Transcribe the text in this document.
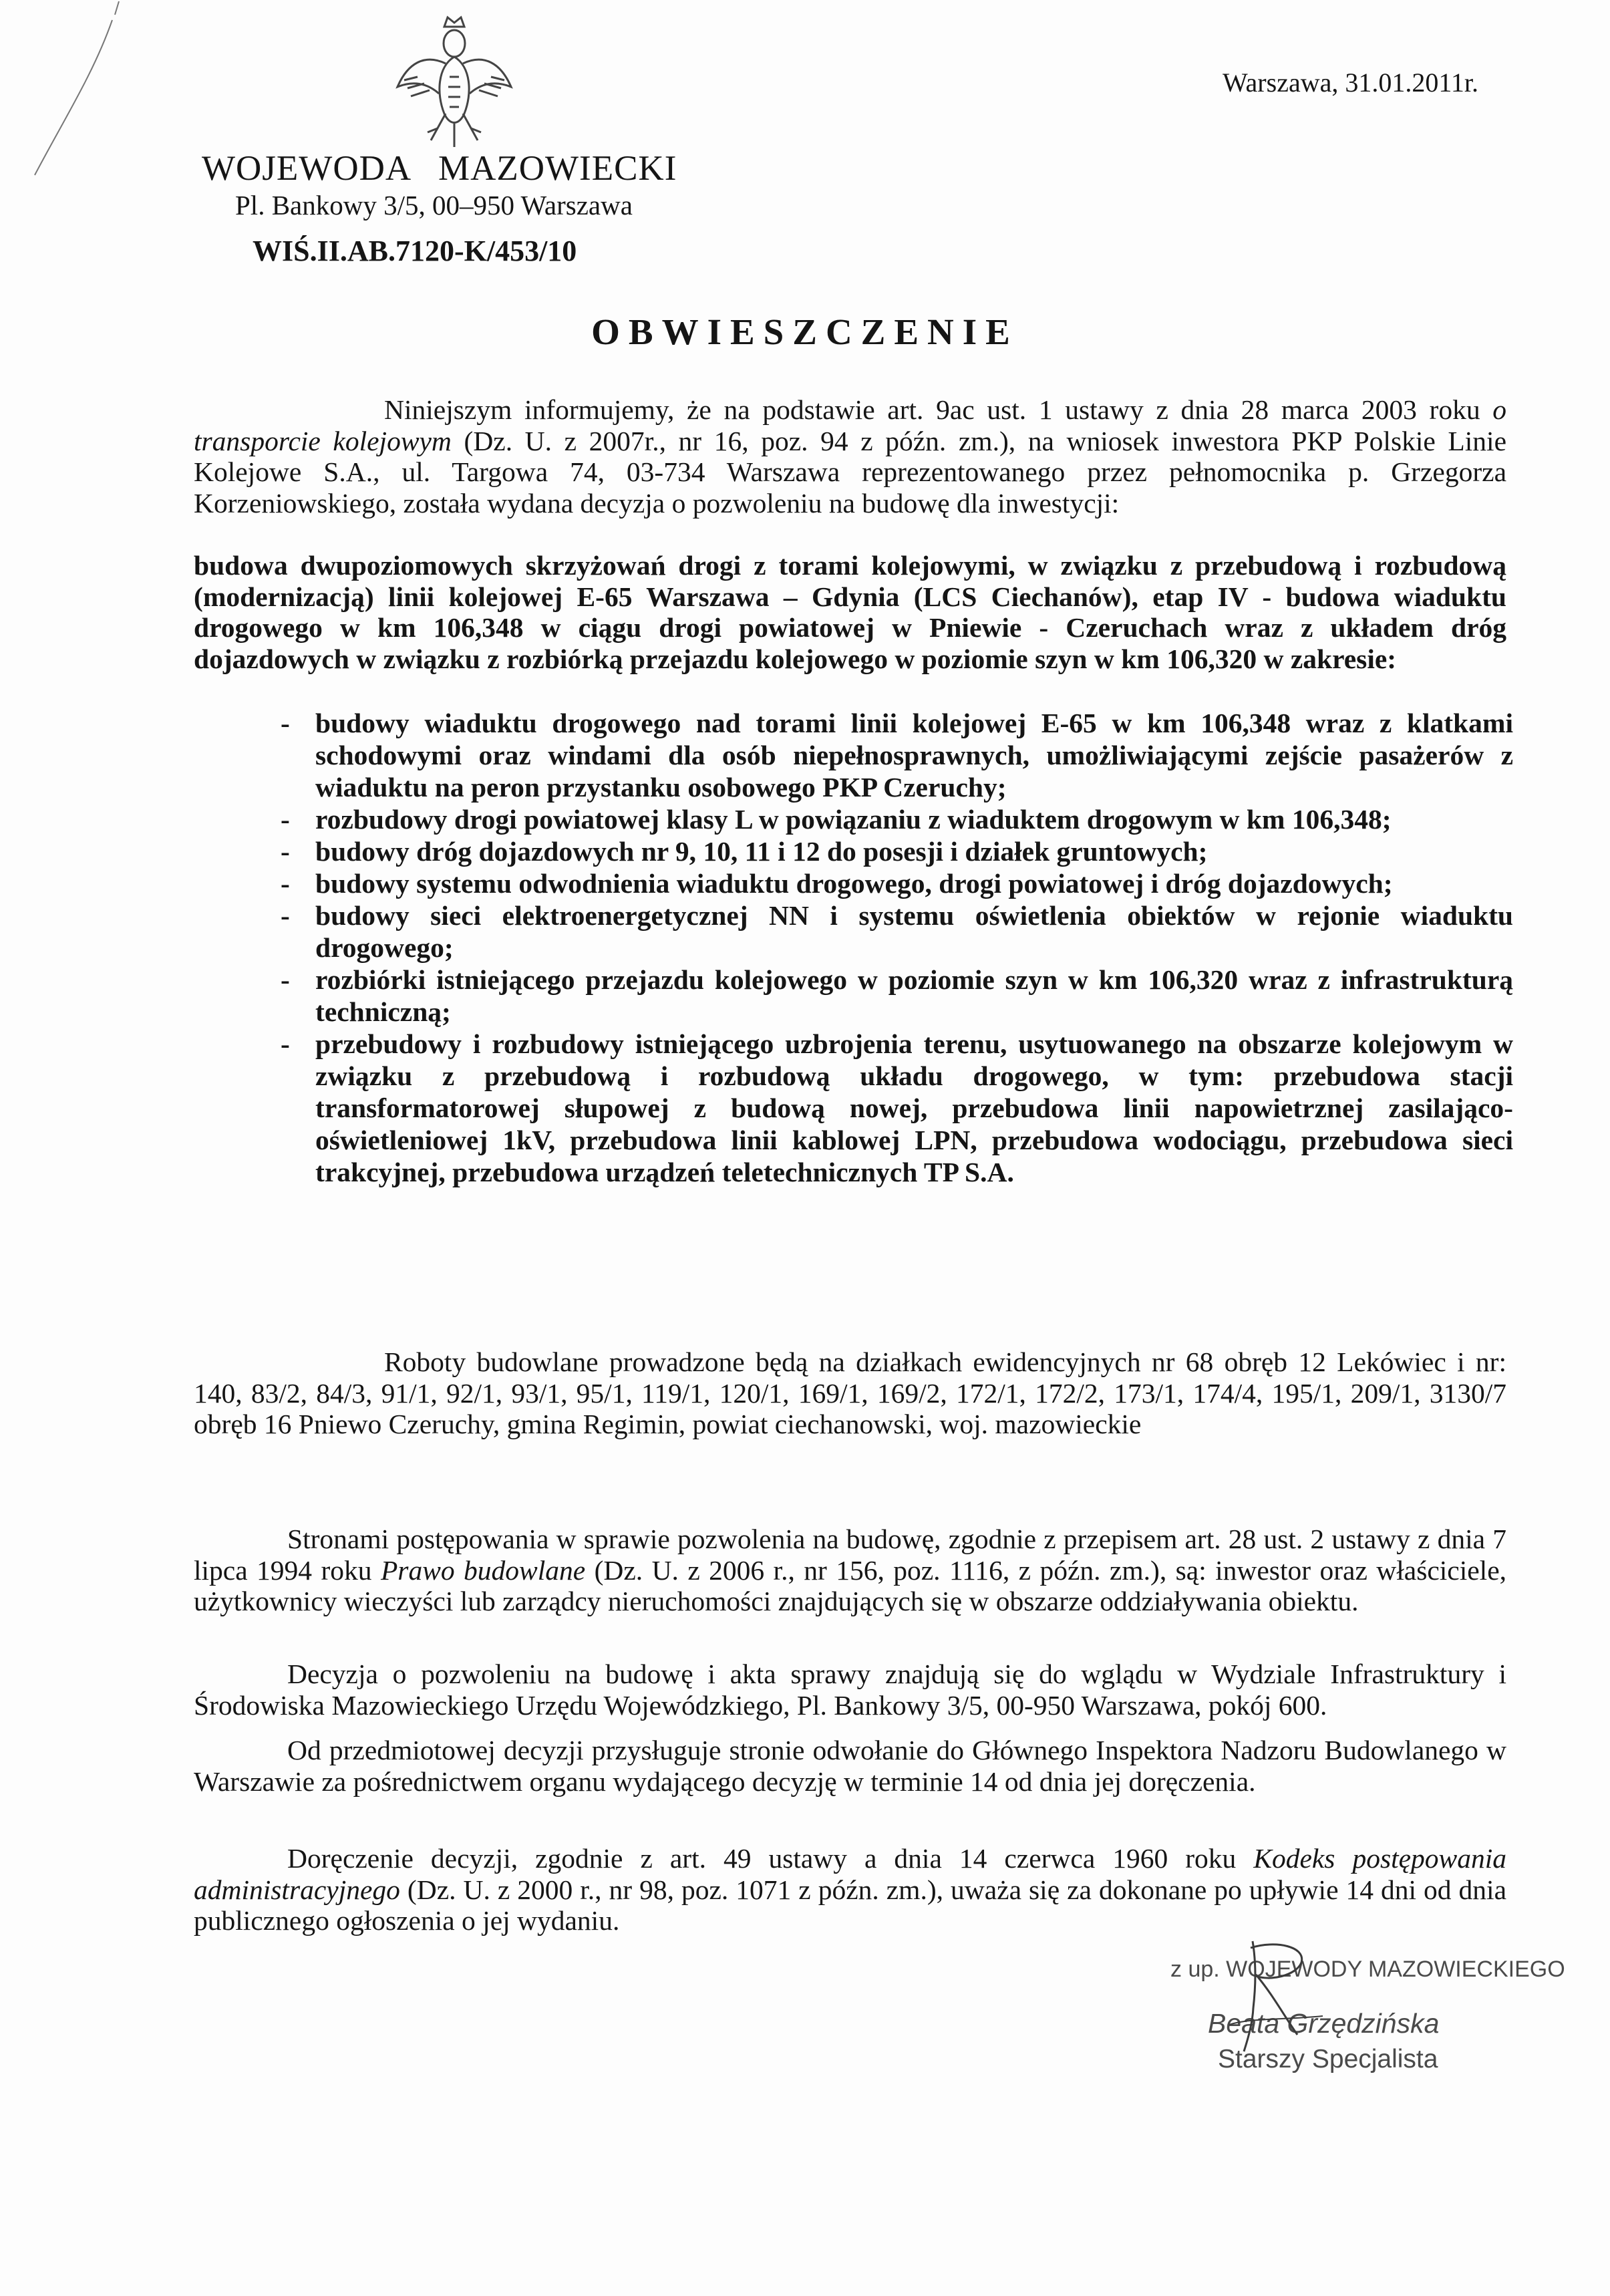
Warszawa, 31.01.2011r.
WOJEWODA   MAZOWIECKI
Pl. Bankowy 3/5, 00–950 Warszawa
WIŚ.II.AB.7120-K/453/10
OBWIESZCZENIE
Niniejszym informujemy, że na podstawie art. 9ac ust. 1 ustawy z dnia 28 marca 2003 roku o transporcie kolejowym (Dz. U. z 2007r., nr 16, poz. 94 z późn. zm.), na wniosek inwestora PKP Polskie Linie Kolejowe S.A., ul. Targowa 74, 03-734 Warszawa reprezentowanego przez pełnomocnika p. Grzegorza Korzeniowskiego, została wydana decyzja o pozwoleniu na budowę dla inwestycji:
budowa dwupoziomowych skrzyżowań drogi z torami kolejowymi, w związku z przebudową i rozbudową (modernizacją) linii kolejowej E-65 Warszawa – Gdynia (LCS Ciechanów), etap IV - budowa wiaduktu drogowego w km 106,348 w ciągu drogi powiatowej w Pniewie - Czeruchach wraz z układem dróg dojazdowych w związku z rozbiórką przejazdu kolejowego w poziomie szyn w km 106,320 w zakresie:
- budowy wiaduktu drogowego nad torami linii kolejowej E-65 w km 106,348 wraz z klatkami schodowymi oraz windami dla osób niepełnosprawnych, umożliwiającymi zejście pasażerów z wiaduktu na peron przystanku osobowego PKP Czeruchy;
- rozbudowy drogi powiatowej klasy L w powiązaniu z wiaduktem drogowym w km 106,348;
- budowy dróg dojazdowych nr 9, 10, 11 i 12 do posesji i działek gruntowych;
- budowy systemu odwodnienia wiaduktu drogowego, drogi powiatowej i dróg dojazdowych;
- budowy sieci elektroenergetycznej NN i systemu oświetlenia obiektów w rejonie wiaduktu drogowego;
- rozbiórki istniejącego przejazdu kolejowego w poziomie szyn w km 106,320 wraz z infrastrukturą techniczną;
- przebudowy i rozbudowy istniejącego uzbrojenia terenu, usytuowanego na obszarze kolejowym w związku z przebudową i rozbudową układu drogowego, w tym: przebudowa stacji transformatorowej słupowej z budową nowej, przebudowa linii napowietrznej zasilająco-oświetleniowej 1kV, przebudowa linii kablowej LPN, przebudowa wodociągu, przebudowa sieci trakcyjnej, przebudowa urządzeń teletechnicznych TP S.A.
Roboty budowlane prowadzone będą na działkach ewidencyjnych nr 68 obręb 12 Lekówiec i nr: 140, 83/2, 84/3, 91/1, 92/1, 93/1, 95/1, 119/1, 120/1, 169/1, 169/2, 172/1, 172/2, 173/1, 174/4, 195/1, 209/1, 3130/7 obręb 16 Pniewo Czeruchy, gmina Regimin, powiat ciechanowski, woj. mazowieckie
Stronami postępowania w sprawie pozwolenia na budowę, zgodnie z przepisem art. 28 ust. 2 ustawy z dnia 7 lipca 1994 roku Prawo budowlane (Dz. U. z 2006 r., nr 156, poz. 1116, z późn. zm.), są: inwestor oraz właściciele, użytkownicy wieczyści lub zarządcy nieruchomości znajdujących się w obszarze oddziaływania obiektu.
Decyzja o pozwoleniu na budowę i akta sprawy znajdują się do wglądu w Wydziale Infrastruktury i Środowiska Mazowieckiego Urzędu Wojewódzkiego, Pl. Bankowy 3/5, 00-950 Warszawa, pokój 600.
Od przedmiotowej decyzji przysługuje stronie odwołanie do Głównego Inspektora Nadzoru Budowlanego w Warszawie za pośrednictwem organu wydającego decyzję w terminie 14 od dnia jej doręczenia.
Doręczenie decyzji, zgodnie z art. 49 ustawy a dnia 14 czerwca 1960 roku Kodeks postępowania administracyjnego (Dz. U. z 2000 r., nr 98, poz. 1071 z późn. zm.), uważa się za dokonane po upływie 14 dni od dnia publicznego ogłoszenia o jej wydaniu.
z up. WOJEWODY MAZOWIECKIEGO
Beata Grzędzińska
Starszy Specjalista
